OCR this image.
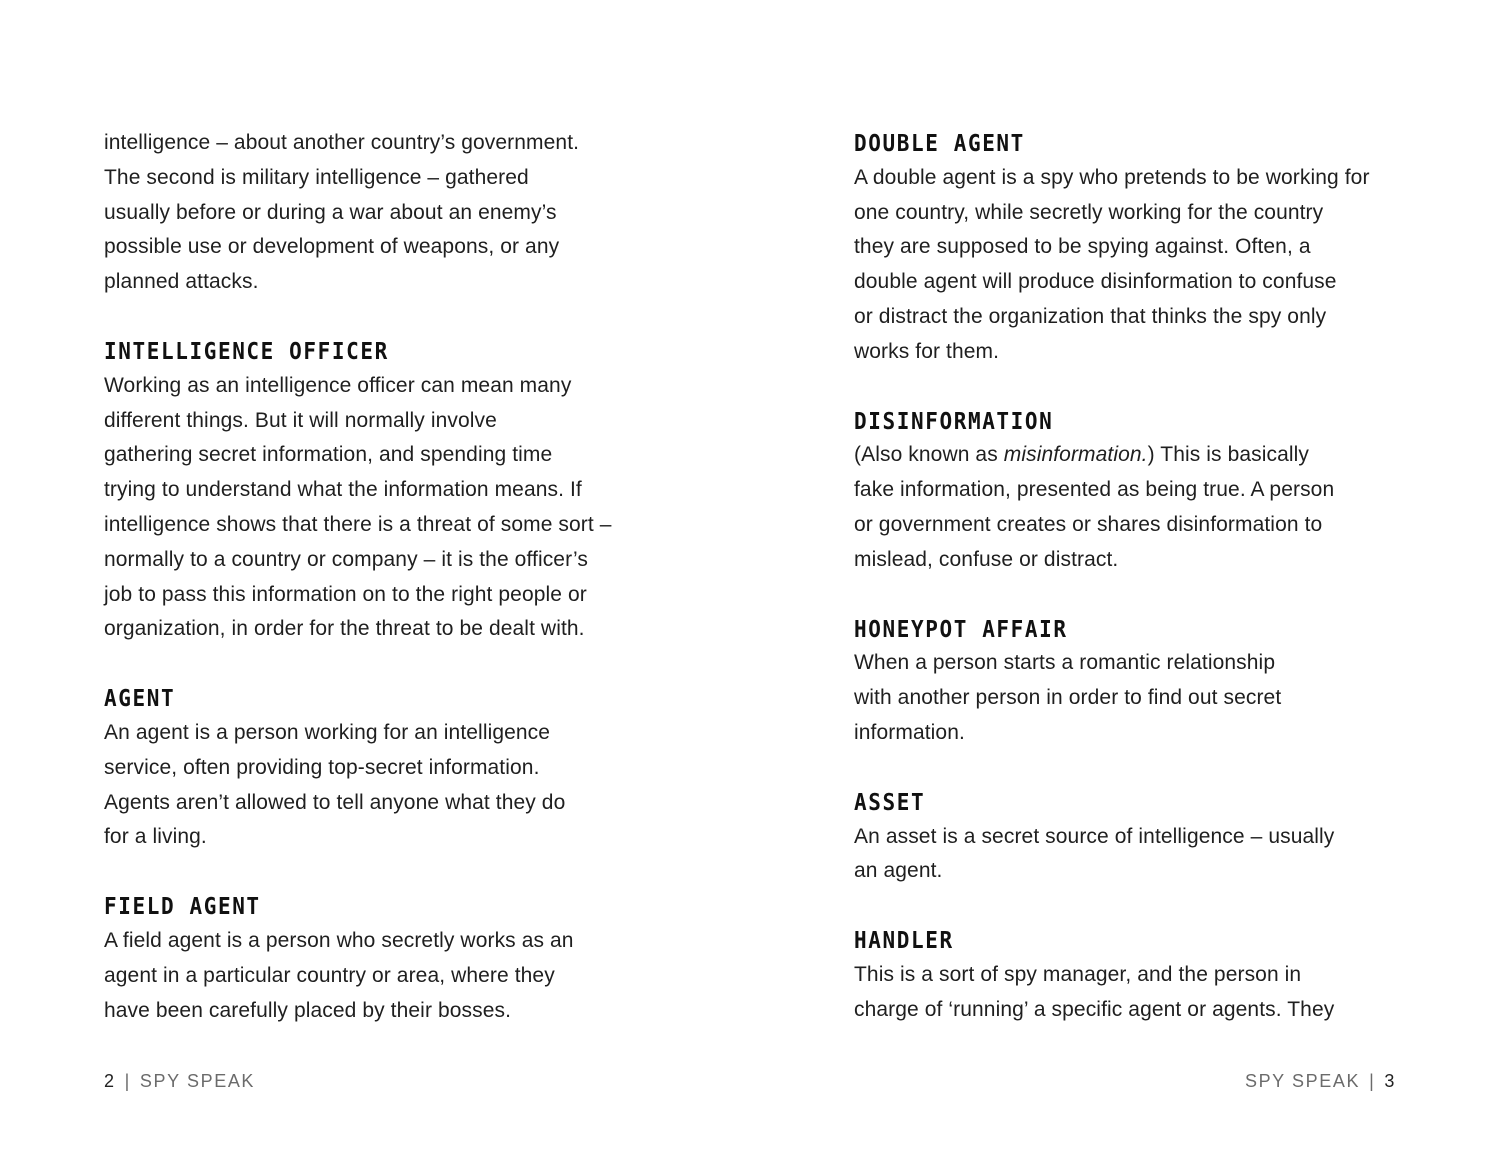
intelligence – about another country’s government.
The second is military intelligence – gathered
usually before or during a war about an enemy’s
possible use or development of weapons, or any
planned attacks.

INTELLIGENCE OFFICER

Working as an intelligence officer can mean many
different things. But it will normally involve
gathering secret information, and spending time
trying to understand what the information means. If
intelligence shows that there is a threat of some sort –
normally to a country or company – it is the officer’s
job to pass this information on to the right people or
organization, in order for the threat to be dealt with.

AGENT

An agent is a person working for an intelligence
service, often providing top-secret information.
Agents aren’t allowed to tell anyone what they do
for a living.

FIELD AGENT

A field agent is a person who secretly works as an
agent in a particular country or area, where they
have been carefully placed by their bosses.

2 | SPY SPEAK
DOUBLE AGENT

A double agent is a spy who pretends to be working for
one country, while secretly working for the country
they are supposed to be spying against. Often, a
double agent will produce disinformation to confuse
or distract the organization that thinks the spy only
works for them.

DISINFORMATION

(Also known as misinformation.) This is basically
fake information, presented as being true. A person
or government creates or shares disinformation to
mislead, confuse or distract.

HONEYPOT AFFAIR

When a person starts a romantic relationship
with another person in order to find out secret
information.

ASSET

An asset is a secret source of intelligence – usually
an agent.

HANDLER

This is a sort of spy manager, and the person in
charge of ‘running’ a specific agent or agents. They

SPY SPEAK | 3
